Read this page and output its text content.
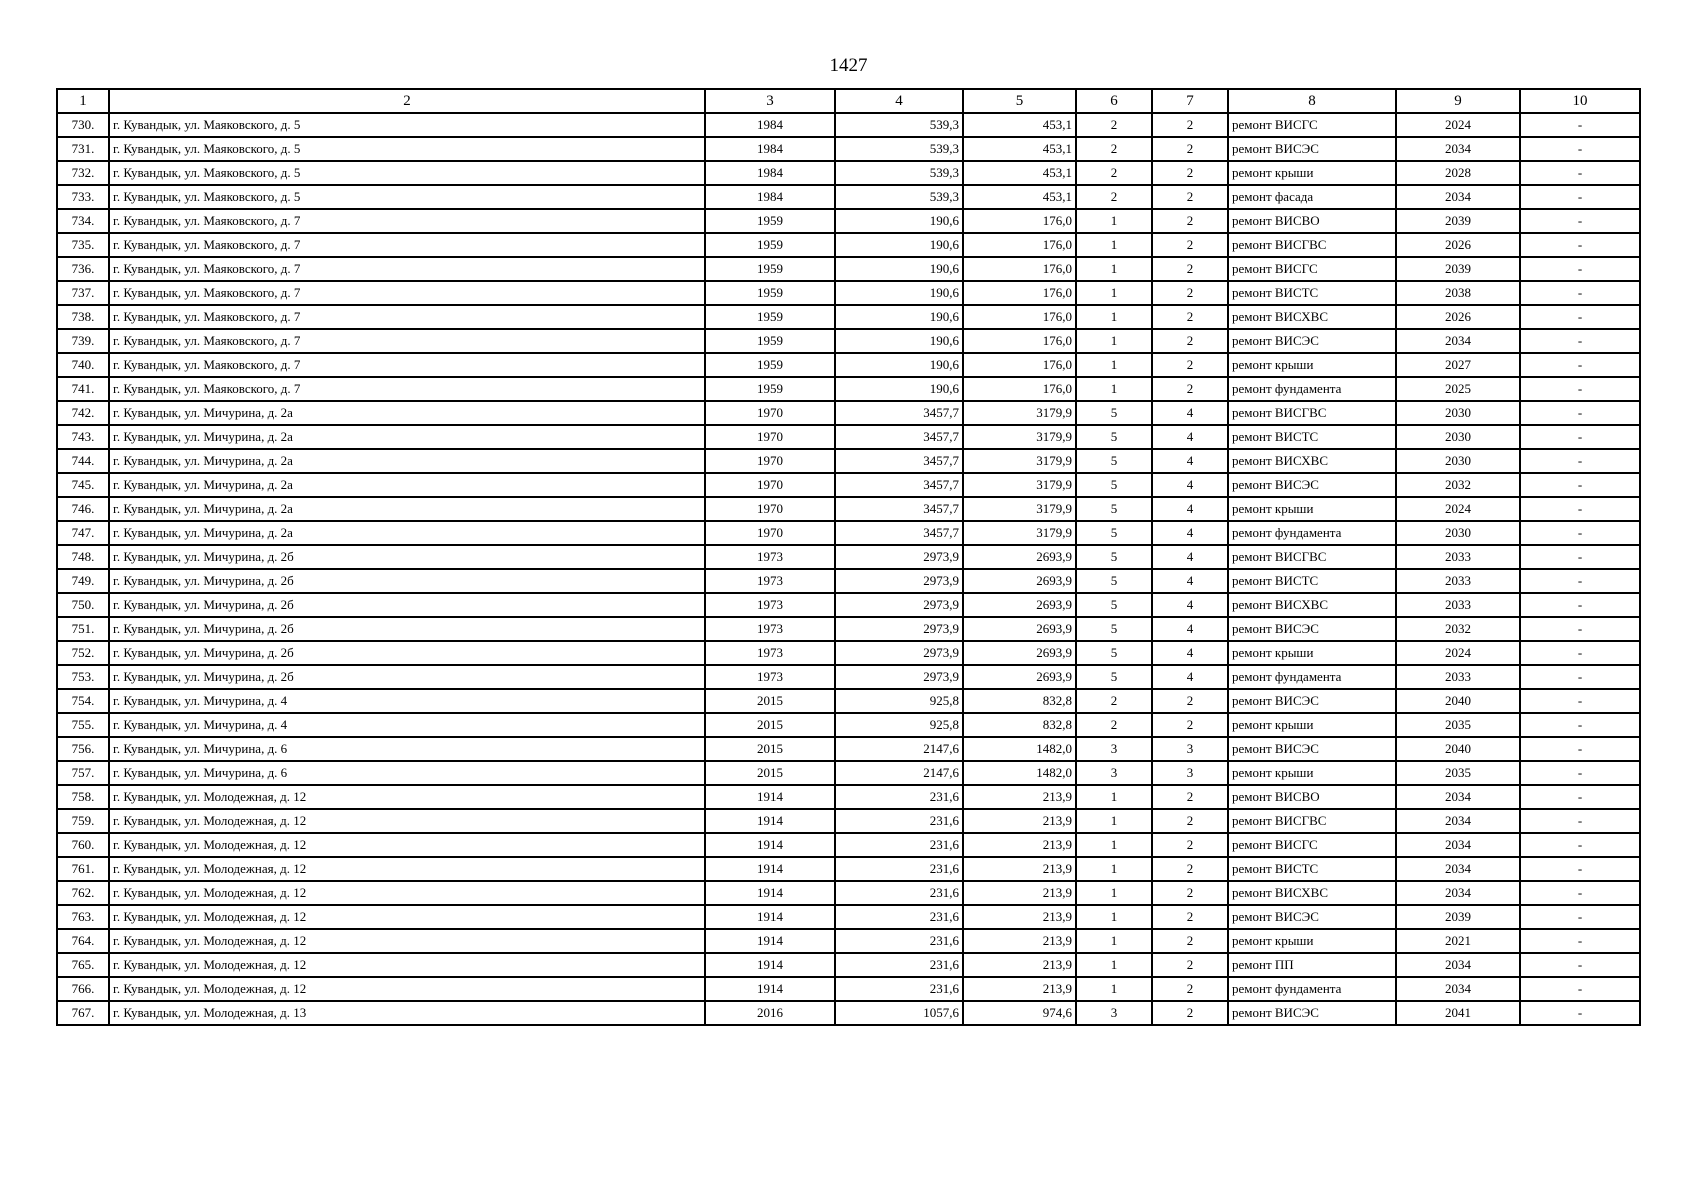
1427
1	2	3	4	5	6	7	8	9	10
730.	г. Кувандык, ул. Маяковского, д. 5	1984	539,3	453,1	2	2	ремонт ВИСГС	2024	-
731.	г. Кувандык, ул. Маяковского, д. 5	1984	539,3	453,1	2	2	ремонт ВИСЭС	2034	-
732.	г. Кувандык, ул. Маяковского, д. 5	1984	539,3	453,1	2	2	ремонт крыши	2028	-
733.	г. Кувандык, ул. Маяковского, д. 5	1984	539,3	453,1	2	2	ремонт фасада	2034	-
734.	г. Кувандык, ул. Маяковского, д. 7	1959	190,6	176,0	1	2	ремонт ВИСВО	2039	-
735.	г. Кувандык, ул. Маяковского, д. 7	1959	190,6	176,0	1	2	ремонт ВИСГВС	2026	-
736.	г. Кувандык, ул. Маяковского, д. 7	1959	190,6	176,0	1	2	ремонт ВИСГС	2039	-
737.	г. Кувандык, ул. Маяковского, д. 7	1959	190,6	176,0	1	2	ремонт ВИСТС	2038	-
738.	г. Кувандык, ул. Маяковского, д. 7	1959	190,6	176,0	1	2	ремонт ВИСХВС	2026	-
739.	г. Кувандык, ул. Маяковского, д. 7	1959	190,6	176,0	1	2	ремонт ВИСЭС	2034	-
740.	г. Кувандык, ул. Маяковского, д. 7	1959	190,6	176,0	1	2	ремонт крыши	2027	-
741.	г. Кувандык, ул. Маяковского, д. 7	1959	190,6	176,0	1	2	ремонт фундамента	2025	-
742.	г. Кувандык, ул. Мичурина, д. 2а	1970	3457,7	3179,9	5	4	ремонт ВИСГВС	2030	-
743.	г. Кувандык, ул. Мичурина, д. 2а	1970	3457,7	3179,9	5	4	ремонт ВИСТС	2030	-
744.	г. Кувандык, ул. Мичурина, д. 2а	1970	3457,7	3179,9	5	4	ремонт ВИСХВС	2030	-
745.	г. Кувандык, ул. Мичурина, д. 2а	1970	3457,7	3179,9	5	4	ремонт ВИСЭС	2032	-
746.	г. Кувандык, ул. Мичурина, д. 2а	1970	3457,7	3179,9	5	4	ремонт крыши	2024	-
747.	г. Кувандык, ул. Мичурина, д. 2а	1970	3457,7	3179,9	5	4	ремонт фундамента	2030	-
748.	г. Кувандык, ул. Мичурина, д. 2б	1973	2973,9	2693,9	5	4	ремонт ВИСГВС	2033	-
749.	г. Кувандык, ул. Мичурина, д. 2б	1973	2973,9	2693,9	5	4	ремонт ВИСТС	2033	-
750.	г. Кувандык, ул. Мичурина, д. 2б	1973	2973,9	2693,9	5	4	ремонт ВИСХВС	2033	-
751.	г. Кувандык, ул. Мичурина, д. 2б	1973	2973,9	2693,9	5	4	ремонт ВИСЭС	2032	-
752.	г. Кувандык, ул. Мичурина, д. 2б	1973	2973,9	2693,9	5	4	ремонт крыши	2024	-
753.	г. Кувандык, ул. Мичурина, д. 2б	1973	2973,9	2693,9	5	4	ремонт фундамента	2033	-
754.	г. Кувандык, ул. Мичурина, д. 4	2015	925,8	832,8	2	2	ремонт ВИСЭС	2040	-
755.	г. Кувандык, ул. Мичурина, д. 4	2015	925,8	832,8	2	2	ремонт крыши	2035	-
756.	г. Кувандык, ул. Мичурина, д. 6	2015	2147,6	1482,0	3	3	ремонт ВИСЭС	2040	-
757.	г. Кувандык, ул. Мичурина, д. 6	2015	2147,6	1482,0	3	3	ремонт крыши	2035	-
758.	г. Кувандык, ул. Молодежная, д. 12	1914	231,6	213,9	1	2	ремонт ВИСВО	2034	-
759.	г. Кувандык, ул. Молодежная, д. 12	1914	231,6	213,9	1	2	ремонт ВИСГВС	2034	-
760.	г. Кувандык, ул. Молодежная, д. 12	1914	231,6	213,9	1	2	ремонт ВИСГС	2034	-
761.	г. Кувандык, ул. Молодежная, д. 12	1914	231,6	213,9	1	2	ремонт ВИСТС	2034	-
762.	г. Кувандык, ул. Молодежная, д. 12	1914	231,6	213,9	1	2	ремонт ВИСХВС	2034	-
763.	г. Кувандык, ул. Молодежная, д. 12	1914	231,6	213,9	1	2	ремонт ВИСЭС	2039	-
764.	г. Кувандык, ул. Молодежная, д. 12	1914	231,6	213,9	1	2	ремонт крыши	2021	-
765.	г. Кувандык, ул. Молодежная, д. 12	1914	231,6	213,9	1	2	ремонт ПП	2034	-
766.	г. Кувандык, ул. Молодежная, д. 12	1914	231,6	213,9	1	2	ремонт фундамента	2034	-
767.	г. Кувандык, ул. Молодежная, д. 13	2016	1057,6	974,6	3	2	ремонт ВИСЭС	2041	-
